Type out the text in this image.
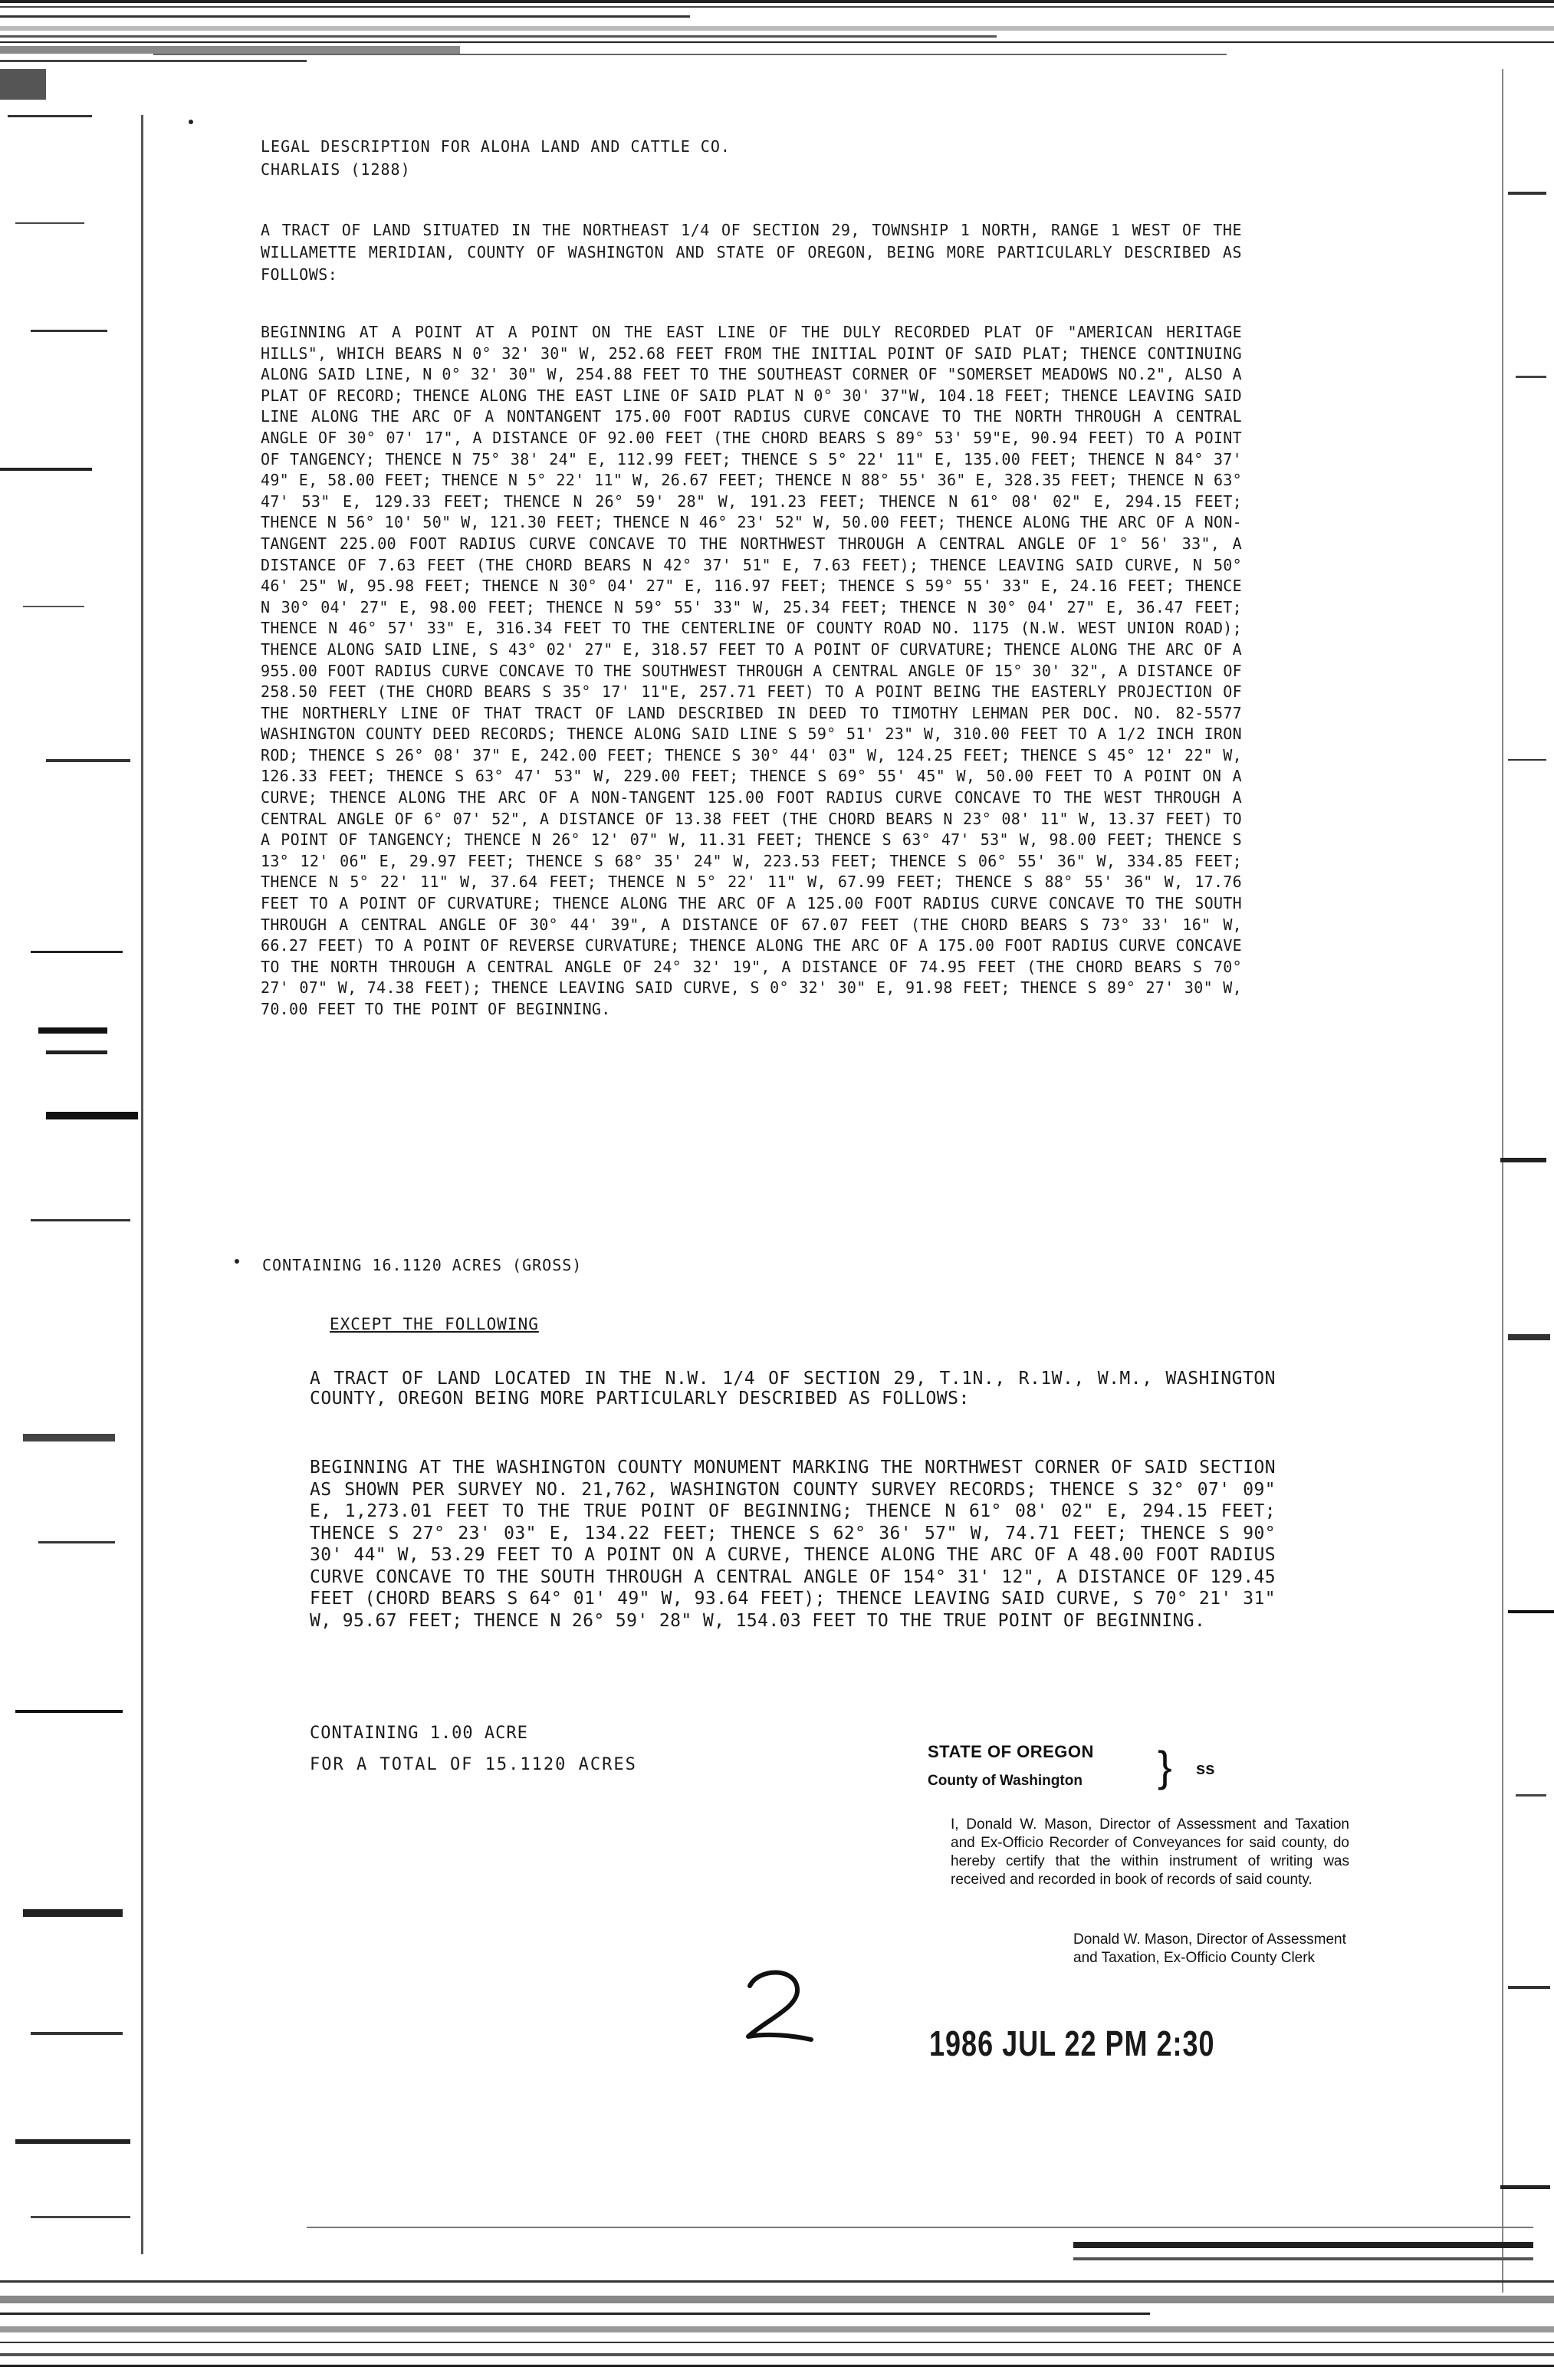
LEGAL DESCRIPTION FOR ALOHA LAND AND CATTLE CO.
CHARLAIS (1288)
A TRACT OF LAND SITUATED IN THE NORTHEAST 1/4 OF SECTION 29, TOWNSHIP 1 NORTH, RANGE 1 WEST OF THE WILLAMETTE MERIDIAN, COUNTY OF WASHINGTON AND STATE OF OREGON, BEING MORE PARTICULARLY DESCRIBED AS FOLLOWS:
BEGINNING AT A POINT AT A POINT ON THE EAST LINE OF THE DULY RECORDED PLAT OF "AMERICAN HERITAGE HILLS", WHICH BEARS N 0° 32' 30" W, 252.68 FEET FROM THE INITIAL POINT OF SAID PLAT; THENCE CONTINUING ALONG SAID LINE, N 0° 32' 30" W, 254.88 FEET TO THE SOUTHEAST CORNER OF "SOMERSET MEADOWS NO.2", ALSO A PLAT OF RECORD; THENCE ALONG THE EAST LINE OF SAID PLAT N 0° 30' 37"W, 104.18 FEET; THENCE LEAVING SAID LINE ALONG THE ARC OF A NONTANGENT 175.00 FOOT RADIUS CURVE CONCAVE TO THE NORTH THROUGH A CENTRAL ANGLE OF 30° 07' 17", A DISTANCE OF 92.00 FEET (THE CHORD BEARS S 89° 53' 59"E, 90.94 FEET) TO A POINT OF TANGENCY; THENCE N 75° 38' 24" E, 112.99 FEET; THENCE S 5° 22' 11" E, 135.00 FEET; THENCE N 84° 37' 49" E, 58.00 FEET; THENCE N 5° 22' 11" W, 26.67 FEET; THENCE N 88° 55' 36" E, 328.35 FEET; THENCE N 63° 47' 53" E, 129.33 FEET; THENCE N 26° 59' 28" W, 191.23 FEET; THENCE N 61° 08' 02" E, 294.15 FEET; THENCE N 56° 10' 50" W, 121.30 FEET; THENCE N 46° 23' 52" W, 50.00 FEET; THENCE ALONG THE ARC OF A NON-TANGENT 225.00 FOOT RADIUS CURVE CONCAVE TO THE NORTHWEST THROUGH A CENTRAL ANGLE OF 1° 56' 33", A DISTANCE OF 7.63 FEET (THE CHORD BEARS N 42° 37' 51" E, 7.63 FEET); THENCE LEAVING SAID CURVE, N 50° 46' 25" W, 95.98 FEET; THENCE N 30° 04' 27" E, 116.97 FEET; THENCE S 59° 55' 33" E, 24.16 FEET; THENCE N 30° 04' 27" E, 98.00 FEET; THENCE N 59° 55' 33" W, 25.34 FEET; THENCE N 30° 04' 27" E, 36.47 FEET; THENCE N 46° 57' 33" E, 316.34 FEET TO THE CENTERLINE OF COUNTY ROAD NO. 1175 (N.W. WEST UNION ROAD); THENCE ALONG SAID LINE, S 43° 02' 27" E, 318.57 FEET TO A POINT OF CURVATURE; THENCE ALONG THE ARC OF A 955.00 FOOT RADIUS CURVE CONCAVE TO THE SOUTHWEST THROUGH A CENTRAL ANGLE OF 15° 30' 32", A DISTANCE OF 258.50 FEET (THE CHORD BEARS S 35° 17' 11"E, 257.71 FEET) TO A POINT BEING THE EASTERLY PROJECTION OF THE NORTHERLY LINE OF THAT TRACT OF LAND DESCRIBED IN DEED TO TIMOTHY LEHMAN PER DOC. NO. 82-5577 WASHINGTON COUNTY DEED RECORDS; THENCE ALONG SAID LINE S 59° 51' 23" W, 310.00 FEET TO A 1/2 INCH IRON ROD; THENCE S 26° 08' 37" E, 242.00 FEET; THENCE S 30° 44' 03" W, 124.25 FEET; THENCE S 45° 12' 22" W, 126.33 FEET; THENCE S 63° 47' 53" W, 229.00 FEET; THENCE S 69° 55' 45" W, 50.00 FEET TO A POINT ON A CURVE; THENCE ALONG THE ARC OF A NON-TANGENT 125.00 FOOT RADIUS CURVE CONCAVE TO THE WEST THROUGH A CENTRAL ANGLE OF 6° 07' 52", A DISTANCE OF 13.38 FEET (THE CHORD BEARS N 23° 08' 11" W, 13.37 FEET) TO A POINT OF TANGENCY; THENCE N 26° 12' 07" W, 11.31 FEET; THENCE S 63° 47' 53" W, 98.00 FEET; THENCE S 13° 12' 06" E, 29.97 FEET; THENCE S 68° 35' 24" W, 223.53 FEET; THENCE S 06° 55' 36" W, 334.85 FEET; THENCE N 5° 22' 11" W, 37.64 FEET; THENCE N 5° 22' 11" W, 67.99 FEET; THENCE S 88° 55' 36" W, 17.76 FEET TO A POINT OF CURVATURE; THENCE ALONG THE ARC OF A 125.00 FOOT RADIUS CURVE CONCAVE TO THE SOUTH THROUGH A CENTRAL ANGLE OF 30° 44' 39", A DISTANCE OF 67.07 FEET (THE CHORD BEARS S 73° 33' 16" W, 66.27 FEET) TO A POINT OF REVERSE CURVATURE; THENCE ALONG THE ARC OF A 175.00 FOOT RADIUS CURVE CONCAVE TO THE NORTH THROUGH A CENTRAL ANGLE OF 24° 32' 19", A DISTANCE OF 74.95 FEET (THE CHORD BEARS S 70° 27' 07" W, 74.38 FEET); THENCE LEAVING SAID CURVE, S 0° 32' 30" E, 91.98 FEET; THENCE S 89° 27' 30" W, 70.00 FEET TO THE POINT OF BEGINNING.
CONTAINING 16.1120 ACRES (GROSS)
EXCEPT THE FOLLOWING
A TRACT OF LAND LOCATED IN THE N.W. 1/4 OF SECTION 29, T.1N., R.1W., W.M., WASHINGTON COUNTY, OREGON BEING MORE PARTICULARLY DESCRIBED AS FOLLOWS:
BEGINNING AT THE WASHINGTON COUNTY MONUMENT MARKING THE NORTHWEST CORNER OF SAID SECTION AS SHOWN PER SURVEY NO. 21,762, WASHINGTON COUNTY SURVEY RECORDS; THENCE S 32° 07' 09" E, 1,273.01 FEET TO THE TRUE POINT OF BEGINNING; THENCE N 61° 08' 02" E, 294.15 FEET; THENCE S 27° 23' 03" E, 134.22 FEET; THENCE S 62° 36' 57" W, 74.71 FEET; THENCE S 90° 30' 44" W, 53.29 FEET TO A POINT ON A CURVE, THENCE ALONG THE ARC OF A 48.00 FOOT RADIUS CURVE CONCAVE TO THE SOUTH THROUGH A CENTRAL ANGLE OF 154° 31' 12", A DISTANCE OF 129.45 FEET (CHORD BEARS S 64° 01' 49" W, 93.64 FEET); THENCE LEAVING SAID CURVE, S 70° 21' 31" W, 95.67 FEET; THENCE N 26° 59' 28" W, 154.03 FEET TO THE TRUE POINT OF BEGINNING.
CONTAINING 1.00 ACRE
FOR A TOTAL OF 15.1120 ACRES
STATE OF OREGON
County of Washington	} ss
I, Donald W. Mason, Director of Assessment and Taxation and Ex-Officio Recorder of Conveyances for said county, do hereby certify that the within instrument of writing was received and recorded in book of records of said county.
Donald W. Mason, Director of Assessment and Taxation, Ex-Officio County Clerk
1986 JUL 22 PM 2:30
